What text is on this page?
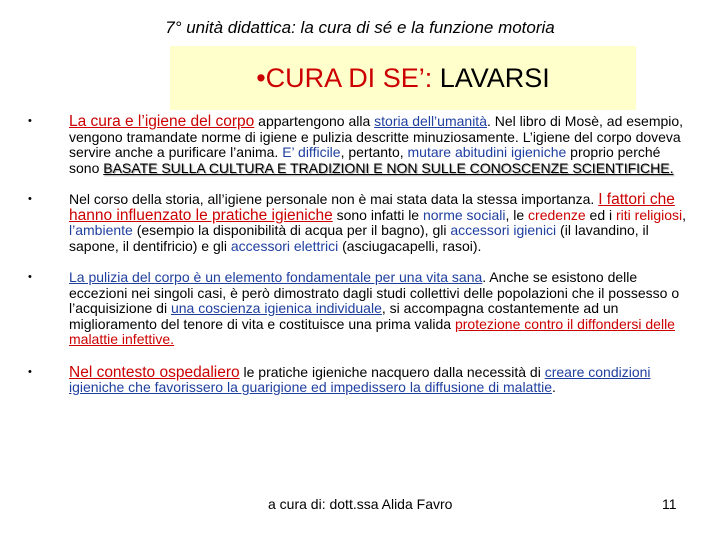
7° unità didattica: la cura di sé e la funzione motoria
•CURA DI SE’: LAVARSI
•	La cura e l’igiene del corpo appartengono alla storia dell’umanità. Nel libro di Mosè, ad esempio, vengono tramandate norme di igiene e pulizia descritte minuziosamente. L’igiene del corpo doveva servire anche a purificare l’anima. E’ difficile, pertanto, mutare abitudini igieniche proprio perché sono BASATE SULLA CULTURA E TRADIZIONI E NON SULLE CONOSCENZE SCIENTIFICHE.
•	Nel corso della storia, all’igiene personale non è mai stata data la stessa importanza. I fattori che hanno influenzato le pratiche igieniche sono infatti le norme sociali, le credenze ed i riti religiosi, l’ambiente (esempio la disponibilità di acqua per il bagno), gli accessori igienici (il lavandino, il sapone, il dentifricio) e gli accessori elettrici (asciugacapelli, rasoi).
•	La pulizia del corpo è un elemento fondamentale per una vita sana. Anche se esistono delle eccezioni nei singoli casi, è però dimostrato dagli studi collettivi delle popolazioni che il possesso o l’acquisizione di una coscienza igienica individuale, si accompagna costantemente ad un miglioramento del tenore di vita e costituisce una prima valida protezione contro il diffondersi delle malattie infettive.
•	Nel contesto ospedaliero le pratiche igieniche nacquero dalla necessità di creare condizioni igieniche che favorissero la guarigione ed impedissero la diffusione di malattie.
a cura di: dott.ssa Alida Favro	11
